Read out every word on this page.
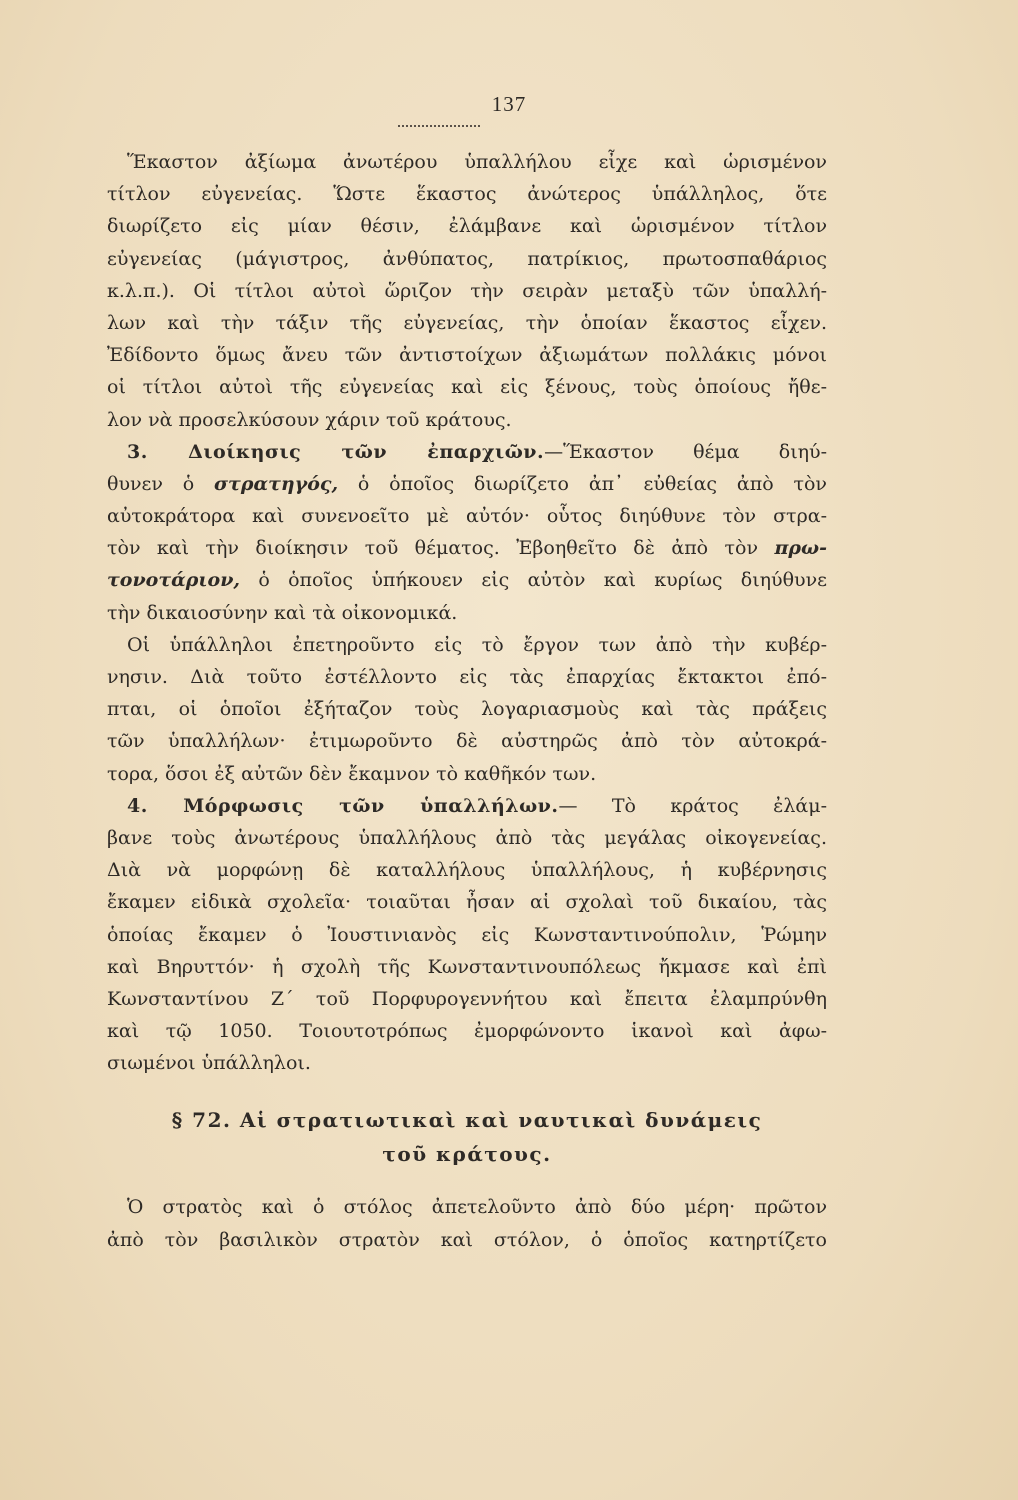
137
Ἕκαστον ἀξίωμα ἀνωτέρου ὑπαλλήλου εἶχε καὶ ὡρισμένον
τίτλον εὐγενείας. Ὥστε ἕκαστος ἀνώτερος ὑπάλληλος, ὅτε
διωρίζετο εἰς μίαν θέσιν, ἐλάμβανε καὶ ὡρισμένον τίτλον
εὐγενείας (μάγιστρος, ἀνθύπατος, πατρίκιος, πρωτοσπαθάριος
κ.λ.π.). Οἱ τίτλοι αὐτοὶ ὥριζον τὴν σειρὰν μεταξὺ τῶν ὑπαλλή-
λων καὶ τὴν τάξιν τῆς εὐγενείας, τὴν ὁποίαν ἕκαστος εἶχεν.
Ἐδίδοντο ὅμως ἄνευ τῶν ἀντιστοίχων ἀξιωμάτων πολλάκις μόνοι
οἱ τίτλοι αὐτοὶ τῆς εὐγενείας καὶ εἰς ξένους, τοὺς ὁποίους ἤθε-
λον νὰ προσελκύσουν χάριν τοῦ κράτους.
3. Διοίκησις τῶν ἐπαρχιῶν.—Ἕκαστον θέμα διηύ-
θυνεν ὁ στρατηγός, ὁ ὁποῖος διωρίζετο ἀπ᾽ εὐθείας ἀπὸ τὸν
αὐτοκράτορα καὶ συνενοεῖτο μὲ αὐτόν· οὗτος διηύθυνε τὸν στρα-
τὸν καὶ τὴν διοίκησιν τοῦ θέματος. Ἐβοηθεῖτο δὲ ἀπὸ τὸν πρω-
τονοτάριον, ὁ ὁποῖος ὑπήκουεν εἰς αὐτὸν καὶ κυρίως διηύθυνε
τὴν δικαιοσύνην καὶ τὰ οἰκονομικά.
Οἱ ὑπάλληλοι ἐπετηροῦντο εἰς τὸ ἔργον των ἀπὸ τὴν κυβέρ-
νησιν. Διὰ τοῦτο ἐστέλλοντο εἰς τὰς ἐπαρχίας ἔκτακτοι ἐπό-
πται, οἱ ὁποῖοι ἐξήταζον τοὺς λογαριασμοὺς καὶ τὰς πράξεις
τῶν ὑπαλλήλων· ἐτιμωροῦντο δὲ αὐστηρῶς ἀπὸ τὸν αὐτοκρά-
τορα, ὅσοι ἐξ αὐτῶν δὲν ἔκαμνον τὸ καθῆκόν των.
4. Μόρφωσις τῶν ὑπαλλήλων.— Τὸ κράτος ἐλάμ-
βανε τοὺς ἀνωτέρους ὑπαλλήλους ἀπὸ τὰς μεγάλας οἰκογενείας.
Διὰ νὰ μορφώνῃ δὲ καταλλήλους ὑπαλλήλους, ἡ κυβέρνησις
ἔκαμεν εἰδικὰ σχολεῖα· τοιαῦται ἦσαν αἱ σχολαὶ τοῦ δικαίου, τὰς
ὁποίας ἔκαμεν ὁ Ἰουστινιανὸς εἰς Κωνσταντινούπολιν, Ῥώμην
καὶ Βηρυττόν· ἡ σχολὴ τῆς Κωνσταντινουπόλεως ἤκμασε καὶ ἐπὶ
Κωνσταντίνου Ζ΄ τοῦ Πορφυρογεννήτου καὶ ἔπειτα ἐλαμπρύνθη
καὶ τῷ 1050. Τοιουτοτρόπως ἐμορφώνοντο ἱκανοὶ καὶ ἀφω-
σιωμένοι ὑπάλληλοι.
§ 72. Αἱ στρατιωτικαὶ καὶ ναυτικαὶ δυνάμεις
τοῦ κράτους.
Ὁ στρατὸς καὶ ὁ στόλος ἀπετελοῦντο ἀπὸ δύο μέρη· πρῶτον
ἀπὸ τὸν βασιλικὸν στρατὸν καὶ στόλον, ὁ ὁποῖος κατηρτίζετο
